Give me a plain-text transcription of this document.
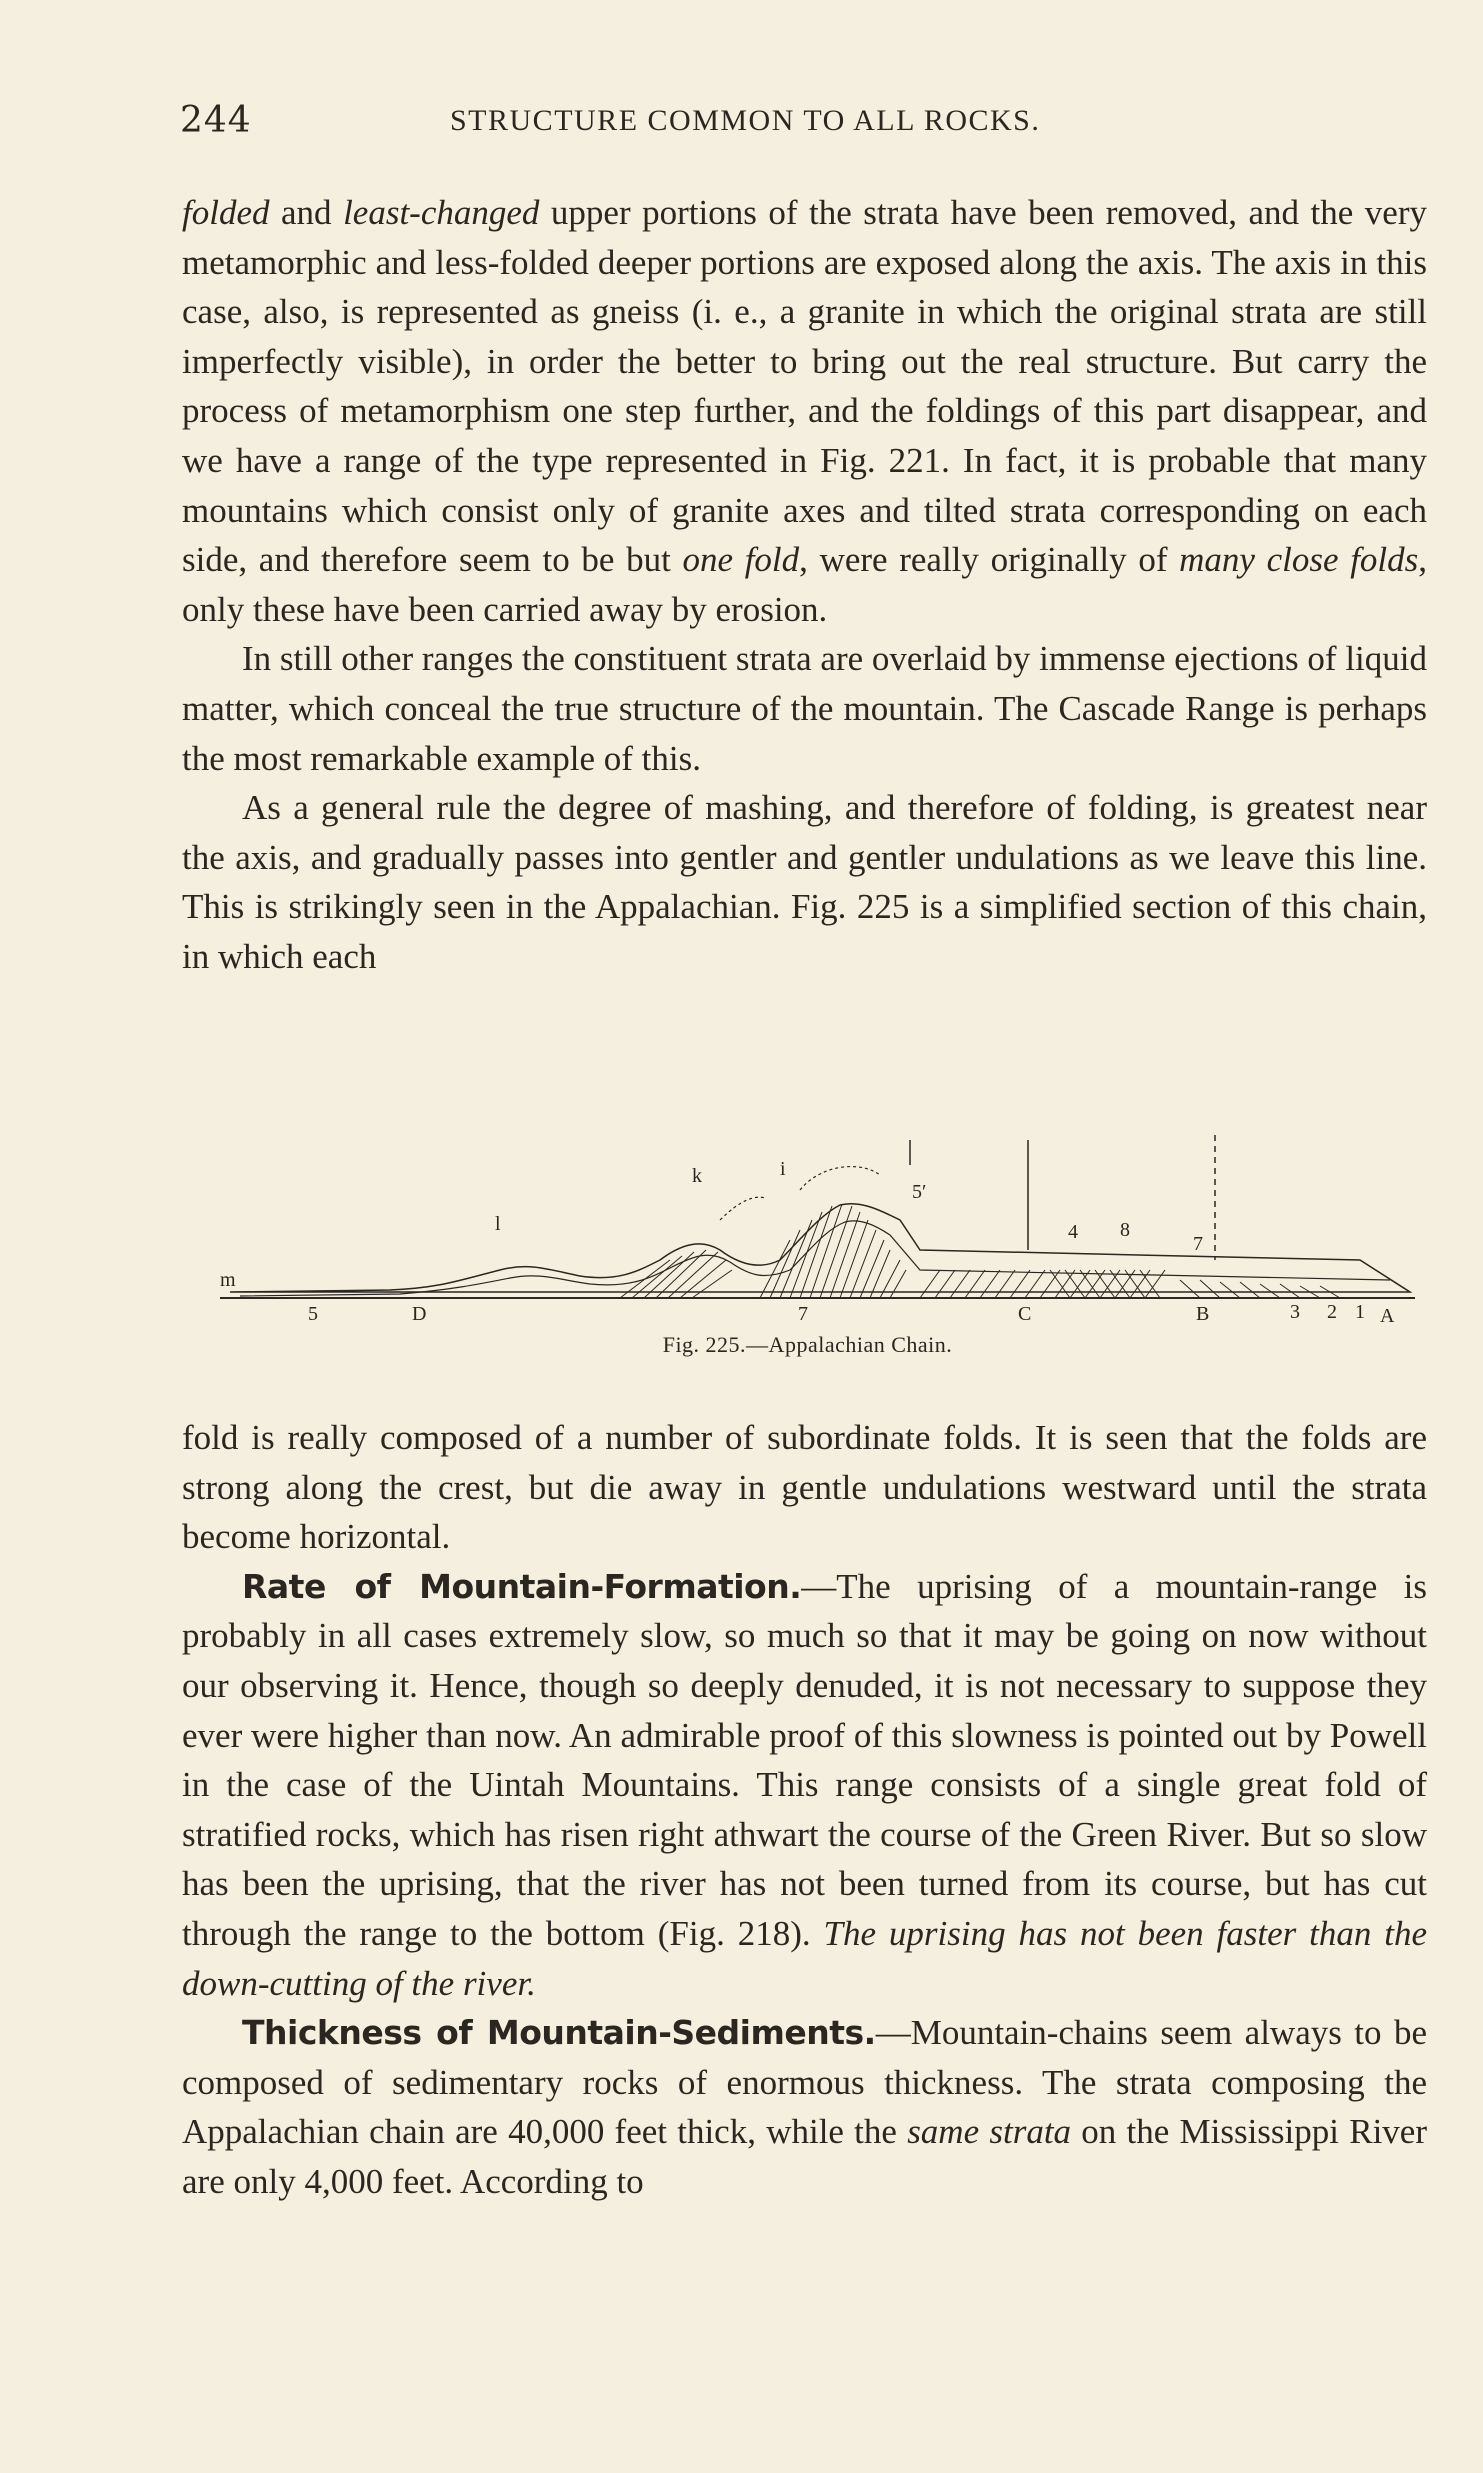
244	STRUCTURE COMMON TO ALL ROCKS.

folded and least-changed upper portions of the strata have been removed, and the very metamorphic and less-folded deeper portions are exposed along the axis. The axis in this case, also, is represented as gneiss (i. e., a granite in which the original strata are still imperfectly visible), in order the better to bring out the real structure. But carry the process of metamorphism one step further, and the foldings of this part disappear, and we have a range of the type represented in Fig. 221. In fact, it is probable that many mountains which consist only of granite axes and tilted strata corresponding on each side, and therefore seem to be but one fold, were really originally of many close folds, only these have been carried away by erosion.

In still other ranges the constituent strata are overlaid by immense ejections of liquid matter, which conceal the true structure of the mountain. The Cascade Range is perhaps the most remarkable example of this.

As a general rule the degree of mashing, and therefore of folding, is greatest near the axis, and gradually passes into gentler and gentler undulations as we leave this line. This is strikingly seen in the Appalachian. Fig. 225 is a simplified section of this chain, in which each

m
l
k	i
5′
4 8
7
5	D	7	C	B	3 2 1 A
Fig. 225.—Appalachian Chain.

fold is really composed of a number of subordinate folds. It is seen that the folds are strong along the crest, but die away in gentle undulations westward until the strata become horizontal.

Rate of Mountain-Formation.—The uprising of a mountain-range is probably in all cases extremely slow, so much so that it may be going on now without our observing it. Hence, though so deeply denuded, it is not necessary to suppose they ever were higher than now. An admirable proof of this slowness is pointed out by Powell in the case of the Uintah Mountains. This range consists of a single great fold of stratified rocks, which has risen right athwart the course of the Green River. But so slow has been the uprising, that the river has not been turned from its course, but has cut through the range to the bottom (Fig. 218). The uprising has not been faster than the down-cutting of the river.

Thickness of Mountain-Sediments.—Mountain-chains seem always to be composed of sedimentary rocks of enormous thickness. The strata composing the Appalachian chain are 40,000 feet thick, while the same strata on the Mississippi River are only 4,000 feet. According to
